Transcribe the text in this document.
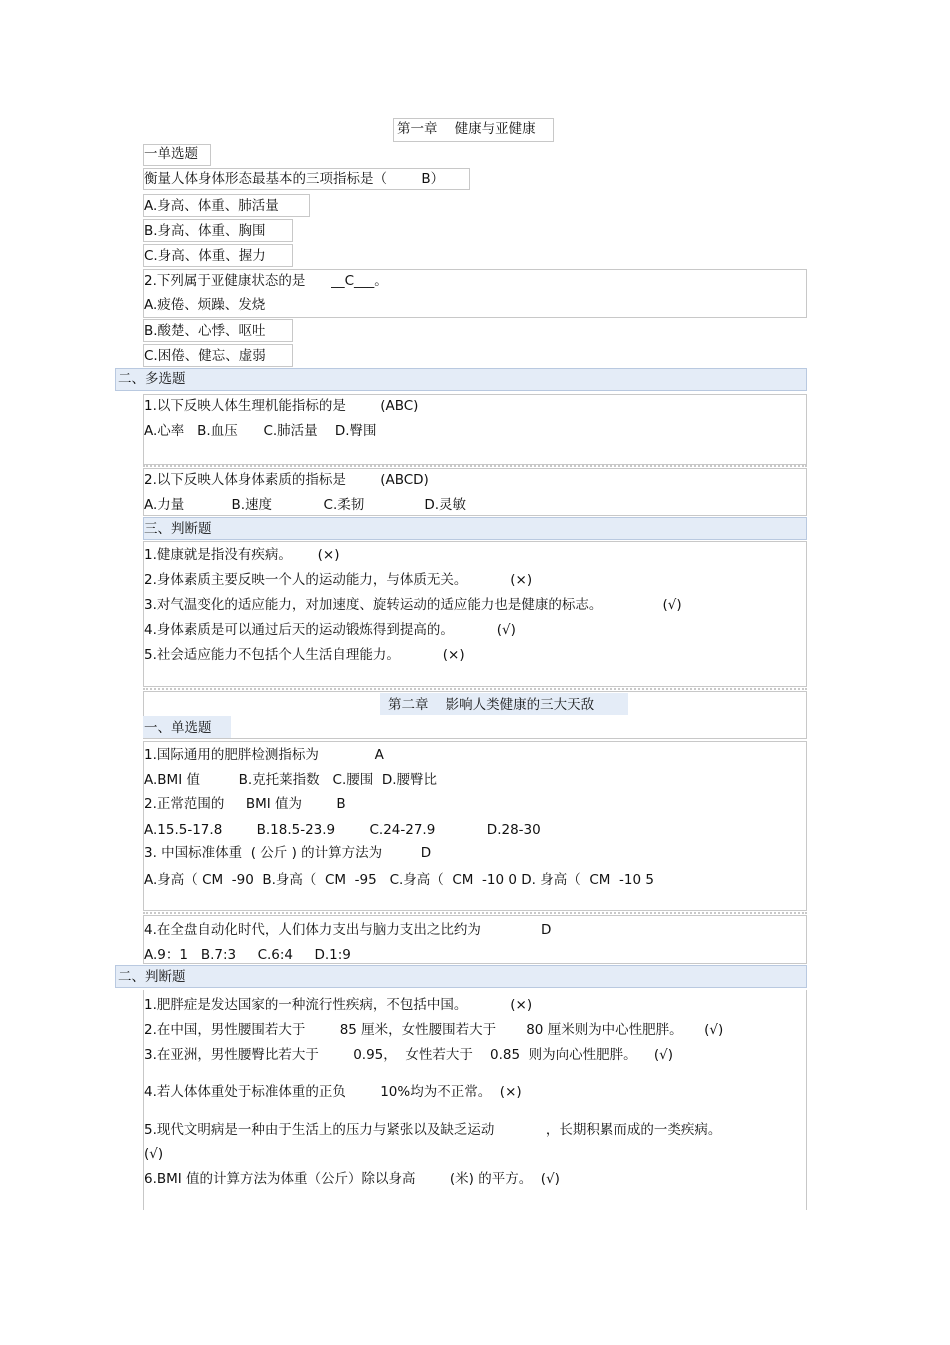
第一章    健康与亚健康
一单选题
衡量人体身体形态最基本的三项指标是（        B）
A.身高、体重、肺活量
B.身高、体重、胸围
C.身高、体重、握力
2.下列属于亚健康状态的是      __C___。
A.疲倦、烦躁、发烧
B.酸楚、心悸、呕吐
C.困倦、健忘、虚弱
二、多选题
1.以下反映人体生理机能指标的是        (ABC)
A.心率   B.血压      C.肺活量    D.臀围
2.以下反映人体身体素质的指标是        (ABCD)
A.力量           B.速度            C.柔韧              D.灵敏
三、判断题
1.健康就是指没有疾病。      (×)
2.身体素质主要反映一个人的运动能力，与体质无关。          (×)
3.对气温变化的适应能力，对加速度、旋转运动的适应能力也是健康的标志。              (√)
4.身体素质是可以通过后天的运动锻炼得到提高的。          (√)
5.社会适应能力不包括个人生活自理能力。          (×)
第二章    影响人类健康的三大天敌
一、单选题
1.国际通用的肥胖检测指标为             A
A.BMI 值         B.克托莱指数   C.腰围  D.腰臀比
2.正常范围的     BMI 值为        B
A.15.5-17.8        B.18.5-23.9        C.24-27.9            D.28-30
3. 中国标准体重  ( 公斤 ) 的计算方法为         D
A.身高（ CM  -90  B.身高（  CM  -95   C.身高（  CM  -10 0 D. 身高（  CM  -10 5
4.在全盘自动化时代，人们体力支出与脑力支出之比约为              D
A.9：1   B.7:3     C.6:4     D.1:9
二、判断题
1.肥胖症是发达国家的一种流行性疾病，不包括中国。          (×)
2.在中国，男性腰围若大于        85 厘米，女性腰围若大于       80 厘米则为中心性肥胖。     (√)
3.在亚洲，男性腰臀比若大于        0.95，  女性若大于    0.85  则为向心性肥胖。    (√)
4.若人体体重处于标准体重的正负        10%均为不正常。  (×)
5.现代文明病是一种由于生活上的压力与紧张以及缺乏运动            ，长期积累而成的一类疾病。
(√)
6.BMI 值的计算方法为体重（公斤）除以身高        (米) 的平方。  (√)
